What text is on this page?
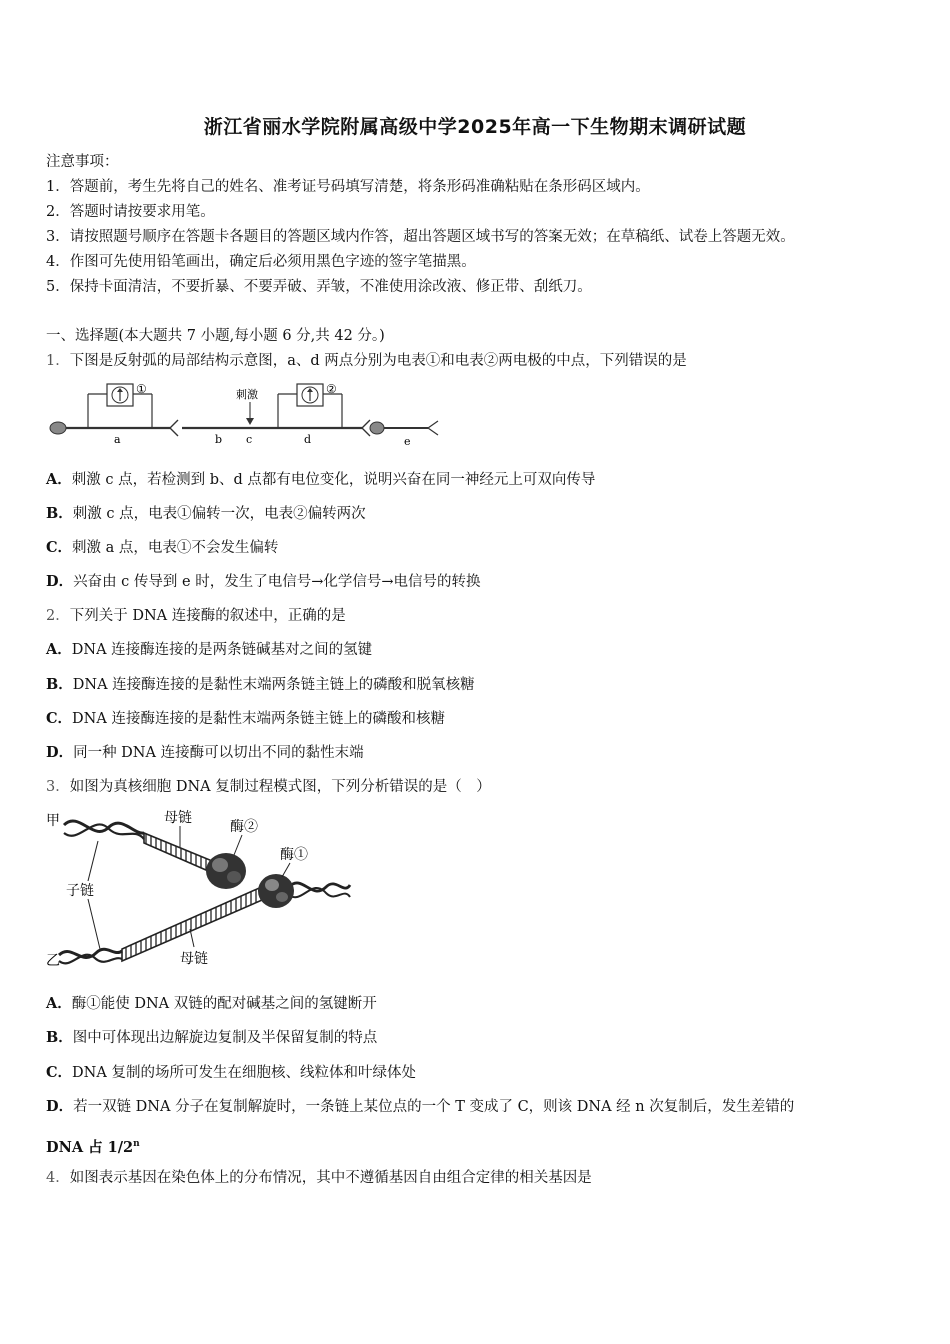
浙江省丽水学院附属高级中学2025年高一下生物期末调研试题
注意事项：
1．答题前，考生先将自己的姓名、准考证号码填写清楚，将条形码准确粘贴在条形码区域内。
2．答题时请按要求用笔。
3．请按照题号顺序在答题卡各题目的答题区域内作答，超出答题区域书写的答案无效；在草稿纸、试卷上答题无效。
4．作图可先使用铅笔画出，确定后必须用黑色字迹的签字笔描黑。
5．保持卡面清洁，不要折暴、不要弄破、弄皱，不准使用涂改液、修正带、刮纸刀。
一、选择题(本大题共 7 小题,每小题 6 分,共 42 分。)
1．下图是反射弧的局部结构示意图，a、d 两点分别为电表①和电表②两电极的中点，下列错误的是
①
a
刺激
b c
②
d	e
A．刺激 c 点，若检测到 b、d 点都有电位变化，说明兴奋在同一神经元上可双向传导
B．刺激 c 点，电表①偏转一次，电表②偏转两次
C．刺激 a 点，电表①不会发生偏转
D．兴奋由 c 传导到 e 时，发生了电信号→化学信号→电信号的转换
2．下列关于 DNA 连接酶的叙述中，正确的是
A．DNA 连接酶连接的是两条链碱基对之间的氢键
B．DNA 连接酶连接的是黏性末端两条链主链上的磷酸和脱氧核糖
C．DNA 连接酶连接的是黏性末端两条链主链上的磷酸和核糖
D．同一种 DNA 连接酶可以切出不同的黏性末端
3．如图为真核细胞 DNA 复制过程模式图，下列分析错误的是（　）
甲
乙
母链
酶②
酶①
子链
母链
A．酶①能使 DNA 双链的配对碱基之间的氢键断开
B．图中可体现出边解旋边复制及半保留复制的特点
C．DNA 复制的场所可发生在细胞核、线粒体和叶绿体处
D．若一双链 DNA 分子在复制解旋时，一条链上某位点的一个 T 变成了 C，则该 DNA 经 n 次复制后，发生差错的
DNA 占 1/2$^n$
4．如图表示基因在染色体上的分布情况，其中不遵循基因自由组合定律的相关基因是
